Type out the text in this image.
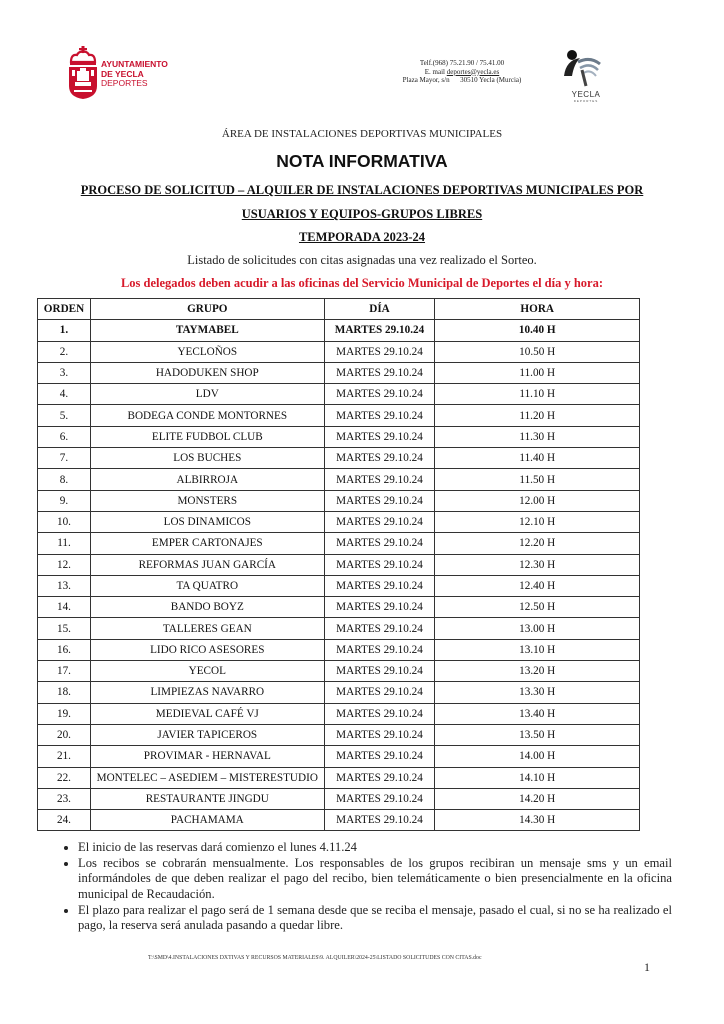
AYUNTAMIENTO
DE YECLA
DEPORTES
Telf.(968) 75.21.90 / 75.41.00
E. mail deportes@yecla.es
Plaza Mayor, s/n      30510 Yecla (Murcia)
YECLA
DEPORTES
ÁREA DE INSTALACIONES DEPORTIVAS MUNICIPALES
NOTA INFORMATIVA
PROCESO DE SOLICITUD – ALQUILER DE INSTALACIONES DEPORTIVAS MUNICIPALES POR
USUARIOS Y EQUIPOS-GRUPOS LIBRES
TEMPORADA 2023-24
Listado de solicitudes con citas asignadas una vez realizado el Sorteo.
Los delegados deben acudir a las oficinas del Servicio Municipal de Deportes el día y hora:
ORDEN	GRUPO	DÍA	HORA
1.	TAYMABEL	MARTES 29.10.24	10.40 H
2.	YECLOÑOS	MARTES 29.10.24	10.50 H
3.	HADODUKEN SHOP	MARTES 29.10.24	11.00 H
4.	LDV	MARTES 29.10.24	11.10 H
5.	BODEGA CONDE MONTORNES	MARTES 29.10.24	11.20 H
6.	ELITE FUDBOL CLUB	MARTES 29.10.24	11.30 H
7.	LOS BUCHES	MARTES 29.10.24	11.40 H
8.	ALBIRROJA	MARTES 29.10.24	11.50 H
9.	MONSTERS	MARTES 29.10.24	12.00 H
10.	LOS DINAMICOS	MARTES 29.10.24	12.10 H
11.	EMPER CARTONAJES	MARTES 29.10.24	12.20 H
12.	REFORMAS JUAN GARCÍA	MARTES 29.10.24	12.30 H
13.	TA QUATRO	MARTES 29.10.24	12.40 H
14.	BANDO BOYZ	MARTES 29.10.24	12.50 H
15.	TALLERES GEAN	MARTES 29.10.24	13.00 H
16.	LIDO RICO ASESORES	MARTES 29.10.24	13.10 H
17.	YECOL	MARTES 29.10.24	13.20 H
18.	LIMPIEZAS NAVARRO	MARTES 29.10.24	13.30 H
19.	MEDIEVAL CAFÉ VJ	MARTES 29.10.24	13.40 H
20.	JAVIER TAPICEROS	MARTES 29.10.24	13.50 H
21.	PROVIMAR - HERNAVAL	MARTES 29.10.24	14.00 H
22.	MONTELEC – ASEDIEM – MISTERESTUDIO	MARTES 29.10.24	14.10 H
23.	RESTAURANTE JINGDU	MARTES 29.10.24	14.20 H
24.	PACHAMAMA	MARTES 29.10.24	14.30 H
• El inicio de las reservas dará comienzo el lunes 4.11.24
• Los recibos se cobrarán mensualmente. Los responsables de los grupos recibiran un mensaje sms y un email informándoles de que deben realizar el pago del recibo, bien telemáticamente o bien presencialmente en la oficina municipal de Recaudación.
• El plazo para realizar el pago será de 1 semana desde que se reciba el mensaje, pasado el cual, si no se ha realizado el pago, la reserva será anulada pasando a quedar libre.
T:\SMD\4.INSTALACIONES DXTIVAS Y RECURSOS MATERIALES\9. ALQUILER\2024-25\LISTADO SOLICITUDES CON CITAS.doc
1
